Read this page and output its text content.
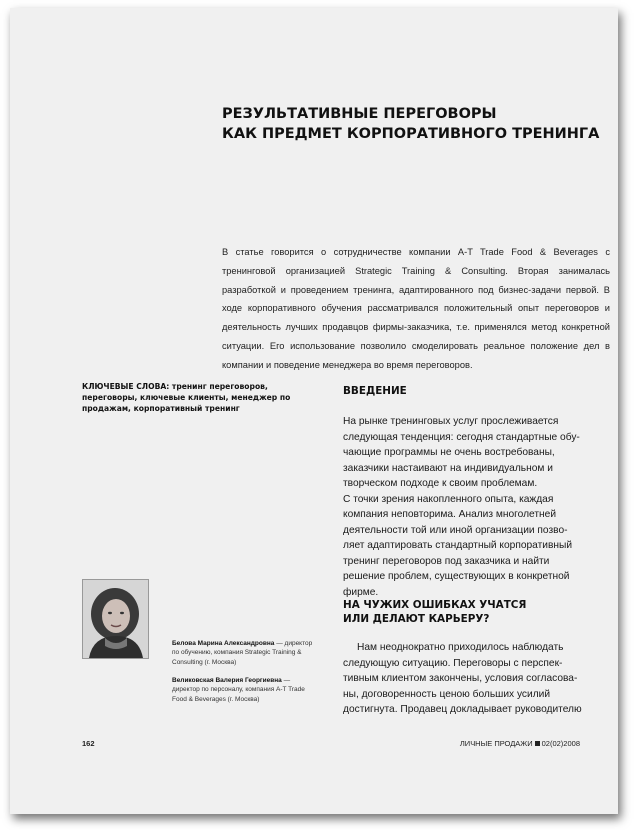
РЕЗУЛЬТАТИВНЫЕ ПЕРЕГОВОРЫ
КАК ПРЕДМЕТ КОРПОРАТИВНОГО ТРЕНИНГА

В статье говорится о сотрудничестве компании A-T Trade Food & Beverages с тренинговой организацией Strategic Training & Consulting. Вторая занималась разработкой и проведением тренинга, адаптированного под бизнес-задачи первой. В ходе корпоративного обучения рассматривался положительный опыт переговоров и деятельность лучших продавцов фирмы-заказчика, т.е. применялся метод конкретной ситуации. Его использование позволило смоделировать реальное положение дел в компании и поведение менеджера во время переговоров.

КЛЮЧЕВЫЕ СЛОВА: тренинг переговоров, переговоры, ключевые клиенты, менеджер по продажам, корпоративный тренинг

ВВЕДЕНИЕ
На рынке тренинговых услуг прослеживается
следующая тенденция: сегодня стандартные обу-
чающие программы не очень востребованы,
заказчики настаивают на индивидуальном и
творческом подходе к своим проблемам.
С точки зрения накопленного опыта, каждая
компания неповторима. Анализ многолетней
деятельности той или иной организации позво-
ляет адаптировать стандартный корпоративный
тренинг переговоров под заказчика и найти
решение проблем, существующих в конкретной
фирме.
НА ЧУЖИХ ОШИБКАХ УЧАТСЯ
ИЛИ ДЕЛАЮТ КАРЬЕРУ?
Нам неоднократно приходилось наблюдать
следующую ситуацию. Переговоры с перспек-
тивным клиентом закончены, условия согласова-
ны, договоренность ценою больших усилий
достигнута. Продавец докладывает руководителю

Белова Марина Александровна — директор по обучению, компания Strategic Training & Consulting (г. Москва)

Великовская Валерия Георгиевна — директор по персоналу, компания A-T Trade Food & Beverages (г. Москва)

162	ЛИЧНЫЕ ПРОДАЖИ 02(02)2008
